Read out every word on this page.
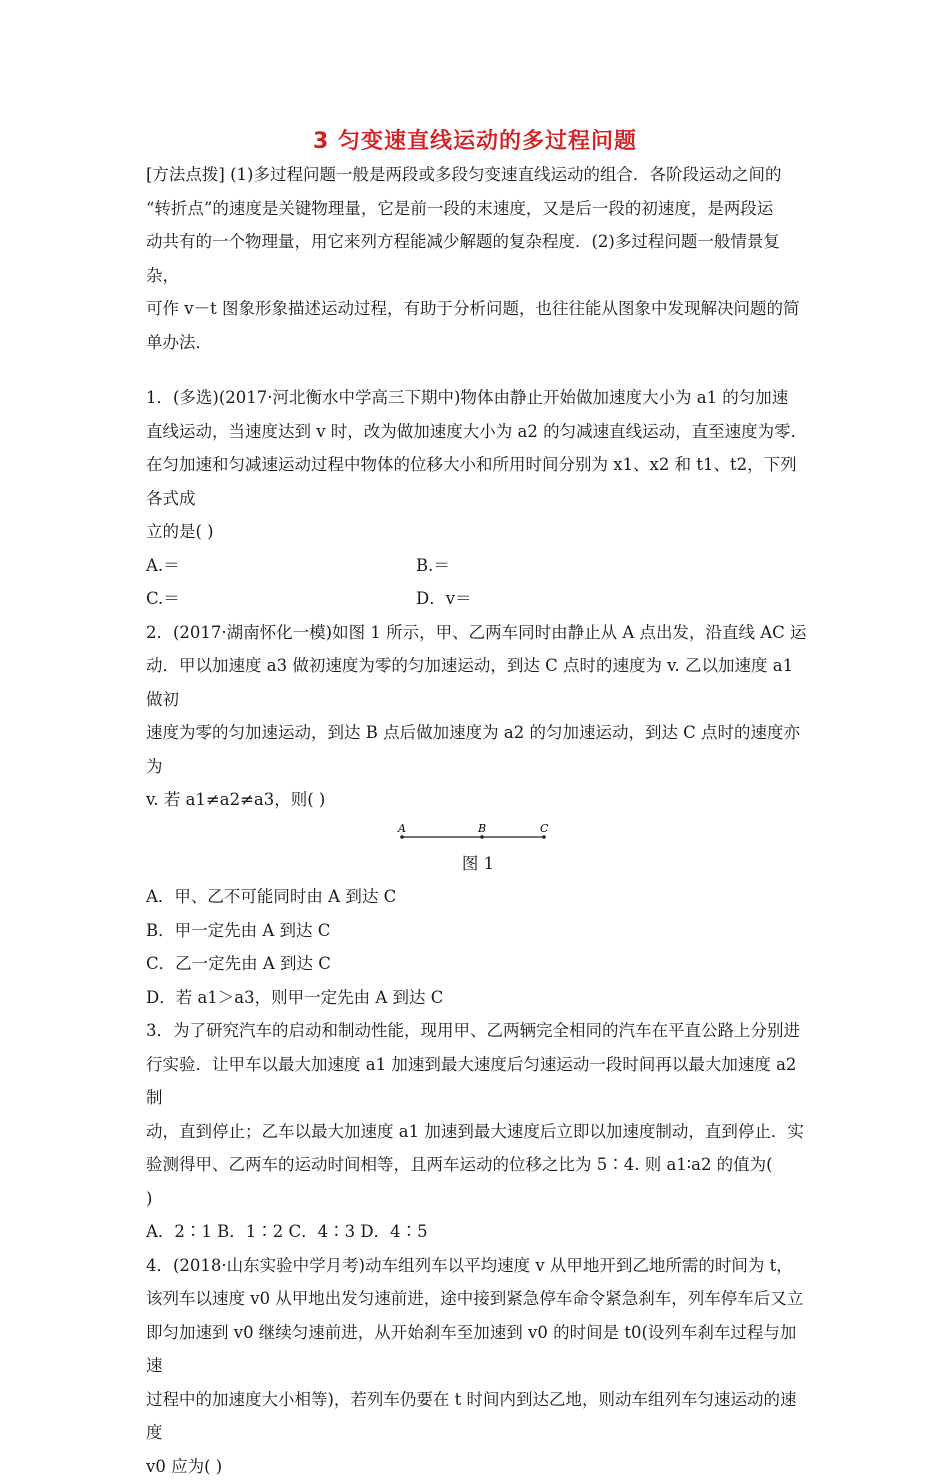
3 匀变速直线运动的多过程问题

[方法点拨] (1)多过程问题一般是两段或多段匀变速直线运动的组合．各阶段运动之间的

“转折点”的速度是关键物理量，它是前一段的末速度，又是后一段的初速度，是两段运

动共有的一个物理量，用它来列方程能减少解题的复杂程度．(2)多过程问题一般情景复杂，

可作 v－t 图象形象描述运动过程，有助于分析问题，也往往能从图象中发现解决问题的简

单办法．

1．(多选)(2017·河北衡水中学高三下期中)物体由静止开始做加速度大小为 a1 的匀加速

直线运动，当速度达到 v 时，改为做加速度大小为 a2 的匀减速直线运动，直至速度为零．

在匀加速和匀减速运动过程中物体的位移大小和所用时间分别为 x1、x2 和 t1、t2，下列各式成

立的是( )

A.＝	B.＝

C.＝	D．v＝

2．(2017·湖南怀化一模)如图 1 所示，甲、乙两车同时由静止从 A 点出发，沿直线 AC 运

动．甲以加速度 a3 做初速度为零的匀加速运动，到达 C 点时的速度为 v. 乙以加速度 a1 做初

速度为零的匀加速运动，到达 B 点后做加速度为 a2 的匀加速运动，到达 C 点时的速度亦为

v. 若 a1≠a2≠a3，则( )

A	B	C

图 1

A．甲、乙不可能同时由 A 到达 C

B．甲一定先由 A 到达 C

C．乙一定先由 A 到达 C

D．若 a1＞a3，则甲一定先由 A 到达 C

3．为了研究汽车的启动和制动性能，现用甲、乙两辆完全相同的汽车在平直公路上分别进

行实验．让甲车以最大加速度 a1 加速到最大速度后匀速运动一段时间再以最大加速度 a2 制

动，直到停止；乙车以最大加速度 a1 加速到最大速度后立即以加速度制动，直到停止．实

验测得甲、乙两车的运动时间相等，且两车运动的位移之比为 5∶4. 则 a1∶a2 的值为(

)

A．2∶1 B．1∶2 C．4∶3 D．4∶5

4．(2018·山东实验中学月考)动车组列车以平均速度 v 从甲地开到乙地所需的时间为 t，

该列车以速度 v0 从甲地出发匀速前进，途中接到紧急停车命令紧急刹车，列车停车后又立

即匀加速到 v0 继续匀速前进，从开始刹车至加速到 v0 的时间是 t0(设列车刹车过程与加速

过程中的加速度大小相等)，若列车仍要在 t 时间内到达乙地，则动车组列车匀速运动的速度

v0 应为( )
